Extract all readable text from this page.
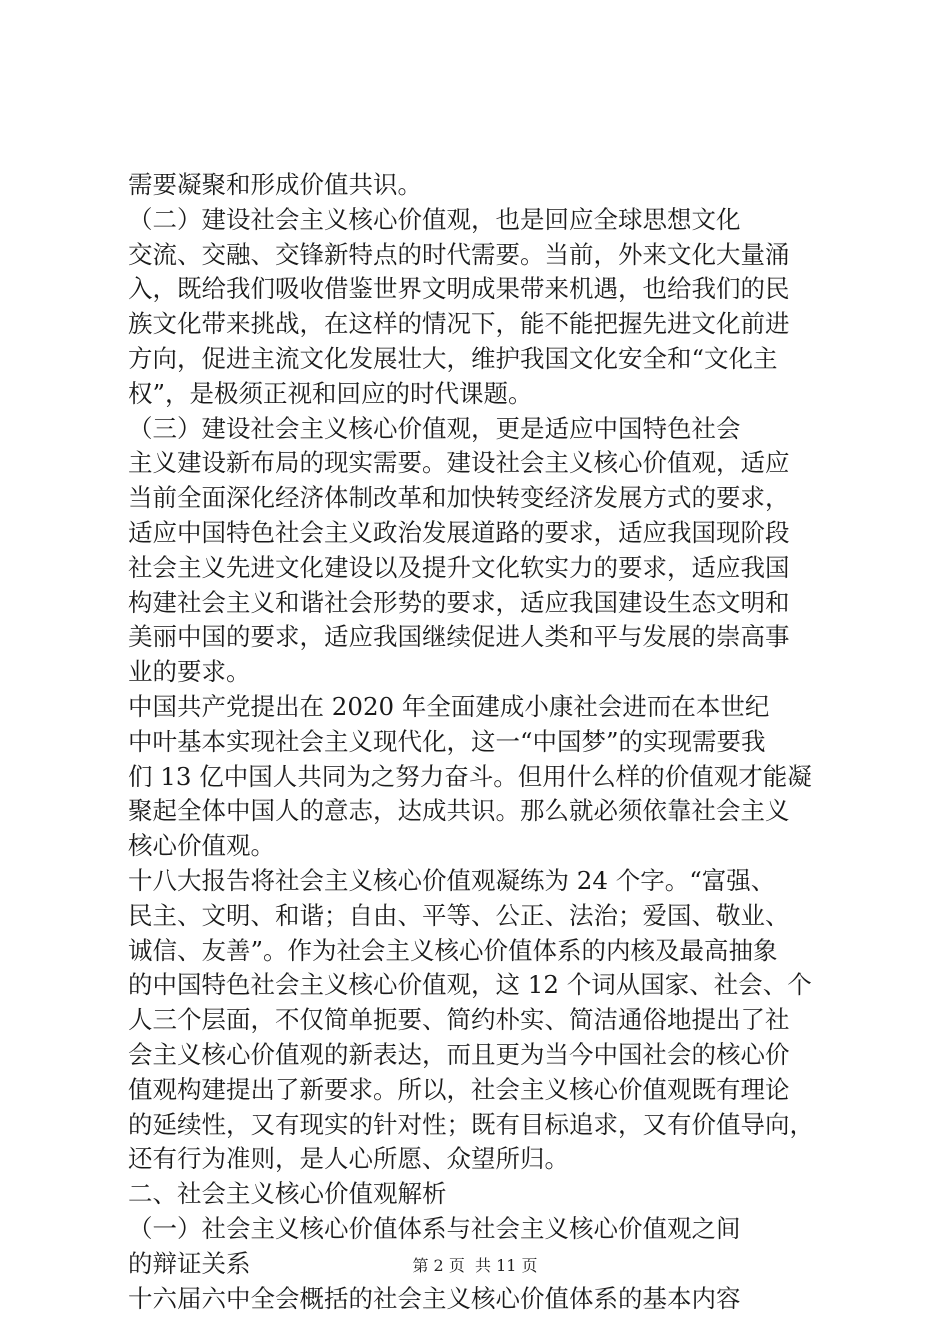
需要凝聚和形成价值共识。
（二）建设社会主义核心价值观，也是回应全球思想文化
交流、交融、交锋新特点的时代需要。当前，外来文化大量涌
入，既给我们吸收借鉴世界文明成果带来机遇，也给我们的民
族文化带来挑战，在这样的情况下，能不能把握先进文化前进
方向，促进主流文化发展壮大，维护我国文化安全和“文化主
权”，是极须正视和回应的时代课题。
（三）建设社会主义核心价值观，更是适应中国特色社会
主义建设新布局的现实需要。建设社会主义核心价值观，适应
当前全面深化经济体制改革和加快转变经济发展方式的要求，
适应中国特色社会主义政治发展道路的要求，适应我国现阶段
社会主义先进文化建设以及提升文化软实力的要求，适应我国
构建社会主义和谐社会形势的要求，适应我国建设生态文明和
美丽中国的要求，适应我国继续促进人类和平与发展的崇高事
业的要求。
中国共产党提出在 2020 年全面建成小康社会进而在本世纪
中叶基本实现社会主义现代化，这一“中国梦”的实现需要我
们 13 亿中国人共同为之努力奋斗。但用什么样的价值观才能凝
聚起全体中国人的意志，达成共识。那么就必须依靠社会主义
核心价值观。
十八大报告将社会主义核心价值观凝练为 24 个字。“富强、
民主、文明、和谐；自由、平等、公正、法治；爱国、敬业、
诚信、友善”。作为社会主义核心价值体系的内核及最高抽象
的中国特色社会主义核心价值观，这 12 个词从国家、社会、个
人三个层面，不仅简单扼要、简约朴实、简洁通俗地提出了社
会主义核心价值观的新表达，而且更为当今中国社会的核心价
值观构建提出了新要求。所以，社会主义核心价值观既有理论
的延续性，又有现实的针对性；既有目标追求，又有价值导向，
还有行为准则，是人心所愿、众望所归。
二、社会主义核心价值观解析
（一）社会主义核心价值体系与社会主义核心价值观之间
的辩证关系
十六届六中全会概括的社会主义核心价值体系的基本内容
第 2 页  共 11 页
